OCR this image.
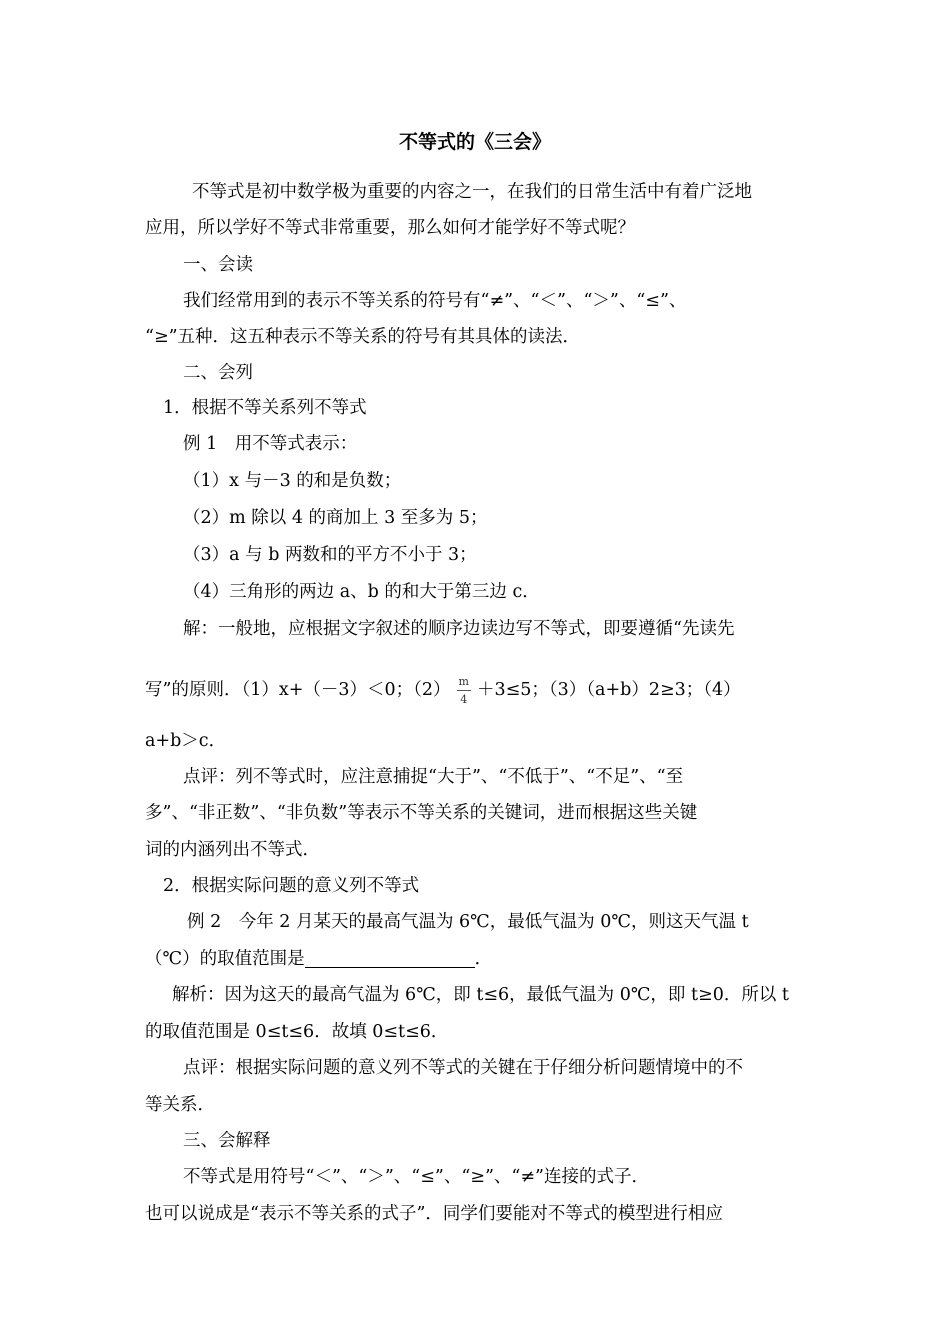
不等式的《三会》
不等式是初中数学极为重要的内容之一，在我们的日常生活中有着广泛地
应用，所以学好不等式非常重要，那么如何才能学好不等式呢？
一、会读
我们经常用到的表示不等关系的符号有“≠”、“＜”、“＞”、“≤”、
“≥”五种．这五种表示不等关系的符号有其具体的读法．
二、会列
1．根据不等关系列不等式
例 1　用不等式表示：
（1）x 与－3 的和是负数；
（2）m 除以 4 的商加上 3 至多为 5；
（3）a 与 b 两数和的平方不小于 3；
（4）三角形的两边 a、b 的和大于第三边 c．
解：一般地，应根据文字叙述的顺序边读边写不等式，即要遵循“先读先
写”的原则．（1）x+（－3）＜0；$(2) \frac{m}{4} +3\le 5$；（3）（a+b）2≥3；（4）
a+b＞c．
点评：列不等式时，应注意捕捉“大于”、“不低于”、“不足”、“至
多”、“非正数”、“非负数”等表示不等关系的关键词，进而根据这些关键
词的内涵列出不等式．
2．根据实际问题的意义列不等式
例 2　今年 2 月某天的最高气温为 6℃，最低气温为 0℃，则这天气温 t
（℃）的取值范围是	．
解析：因为这天的最高气温为 6℃，即 t≤6，最低气温为 0℃，即 t≥0．所以 t
的取值范围是 0≤t≤6．故填 0≤t≤6．
点评：根据实际问题的意义列不等式的关键在于仔细分析问题情境中的不
等关系．
三、会解释
不等式是用符号“＜”、“＞”、“≤”、“≥”、“≠”连接的式子．
也可以说成是“表示不等关系的式子”．同学们要能对不等式的模型进行相应
